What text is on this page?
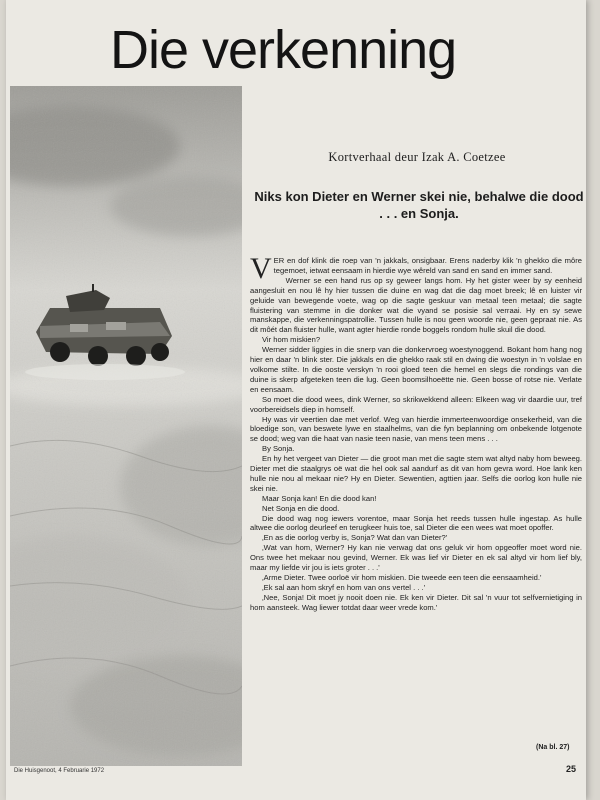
Die verkenning
Kortverhaal deur Izak A. Coetzee
Niks kon Dieter en Werner skei nie, behalwe die dood . . . en Sonja.

VER en dof klink die roep van 'n jakkals, onsigbaar. Erens naderby klik 'n ghekko die môre tegemoet, ietwat eensaam in hierdie wye wêreld van sand en sand en immer sand.

Werner se een hand rus op sy geweer langs hom. Hy het gister weer by sy eenheid aangesluit en nou lê hy hier tussen die duine en wag dat die dag moet breek; lê en luister vir geluide van bewegende voete, wag op die sagte geskuur van metaal teen metaal; die sagte fluistering van stemme in die donker wat die vyand se posisie sal verraai. Hy en sy sewe manskappe, die verkenningspatrollie. Tussen hulle is nou geen woorde nie, geen gepraat nie. As dit môét dan fluister hulle, want agter hierdie ronde boggels rondom hulle skuil die dood.

Vir hom miskien?

Werner sidder liggies in die snerp van die donkervroeg woestynoggend. Bokant hom hang nog hier en daar 'n blink ster. Die jakkals en die ghekko raak stil en dwing die woestyn in 'n volslae en volkome stilte. In die ooste verskyn 'n rooi gloed teen die hemel en slegs die rondings van die duine is skerp afgeteken teen die lug. Geen boomsilhoeëtte nie. Geen bosse of rotse nie. Verlate en eensaam.

So moet die dood wees, dink Werner, so skrikwekkend alleen: Elkeen wag vir daardie uur, tref voorbereidsels diep in homself.

Hy was vir veertien dae met verlof. Weg van hierdie immerteenwoordige onsekerheid, van die bloedige son, van beswete lywe en staalhelms, van die fyn beplanning om onbekende lotgenote se dood; weg van die haat van nasie teen nasie, van mens teen mens . . .

By Sonja.

En hy het vergeet van Dieter — die groot man met die sagte stem wat altyd naby hom beweeg. Dieter met die staalgrys oë wat die hel ook sal aandurf as dit van hom gevra word. Hoe lank ken hulle nie nou al mekaar nie? Hy en Dieter. Sewentien, agttien jaar. Selfs die oorlog kon hulle nie skei nie.

Maar Sonja kan! En die dood kan!

Net Sonja en die dood.

Die dood wag nog iewers vorentoe, maar Sonja het reeds tussen hulle ingestap. As hulle altwee die oorlog deurleef en terugkeer huis toe, sal Dieter die een wees wat moet opoffer.

‚En as die oorlog verby is, Sonja? Wat dan van Dieter?'

‚Wat van hom, Werner? Hy kan nie verwag dat ons geluk vir hom opgeoffer moet word nie. Ons twee het mekaar nou gevind, Werner. Ek was lief vir Dieter en ek sal altyd vir hom lief bly, maar my liefde vir jou is iets groter . . .'

‚Arme Dieter. Twee oorloë vir hom miskien. Die tweede een teen die eensaamheid.'

‚Ek sal aan hom skryf en hom van ons vertel . . .'

‚Nee, Sonja! Dit moet jy nooit doen nie. Ek ken vir Dieter. Dit sal 'n vuur tot selfvernietiging in hom aansteek. Wag liewer totdat daar weer vrede kom.'

(Na bl. 27)
Die Huisgenoot, 4 Februarie 1972	25
